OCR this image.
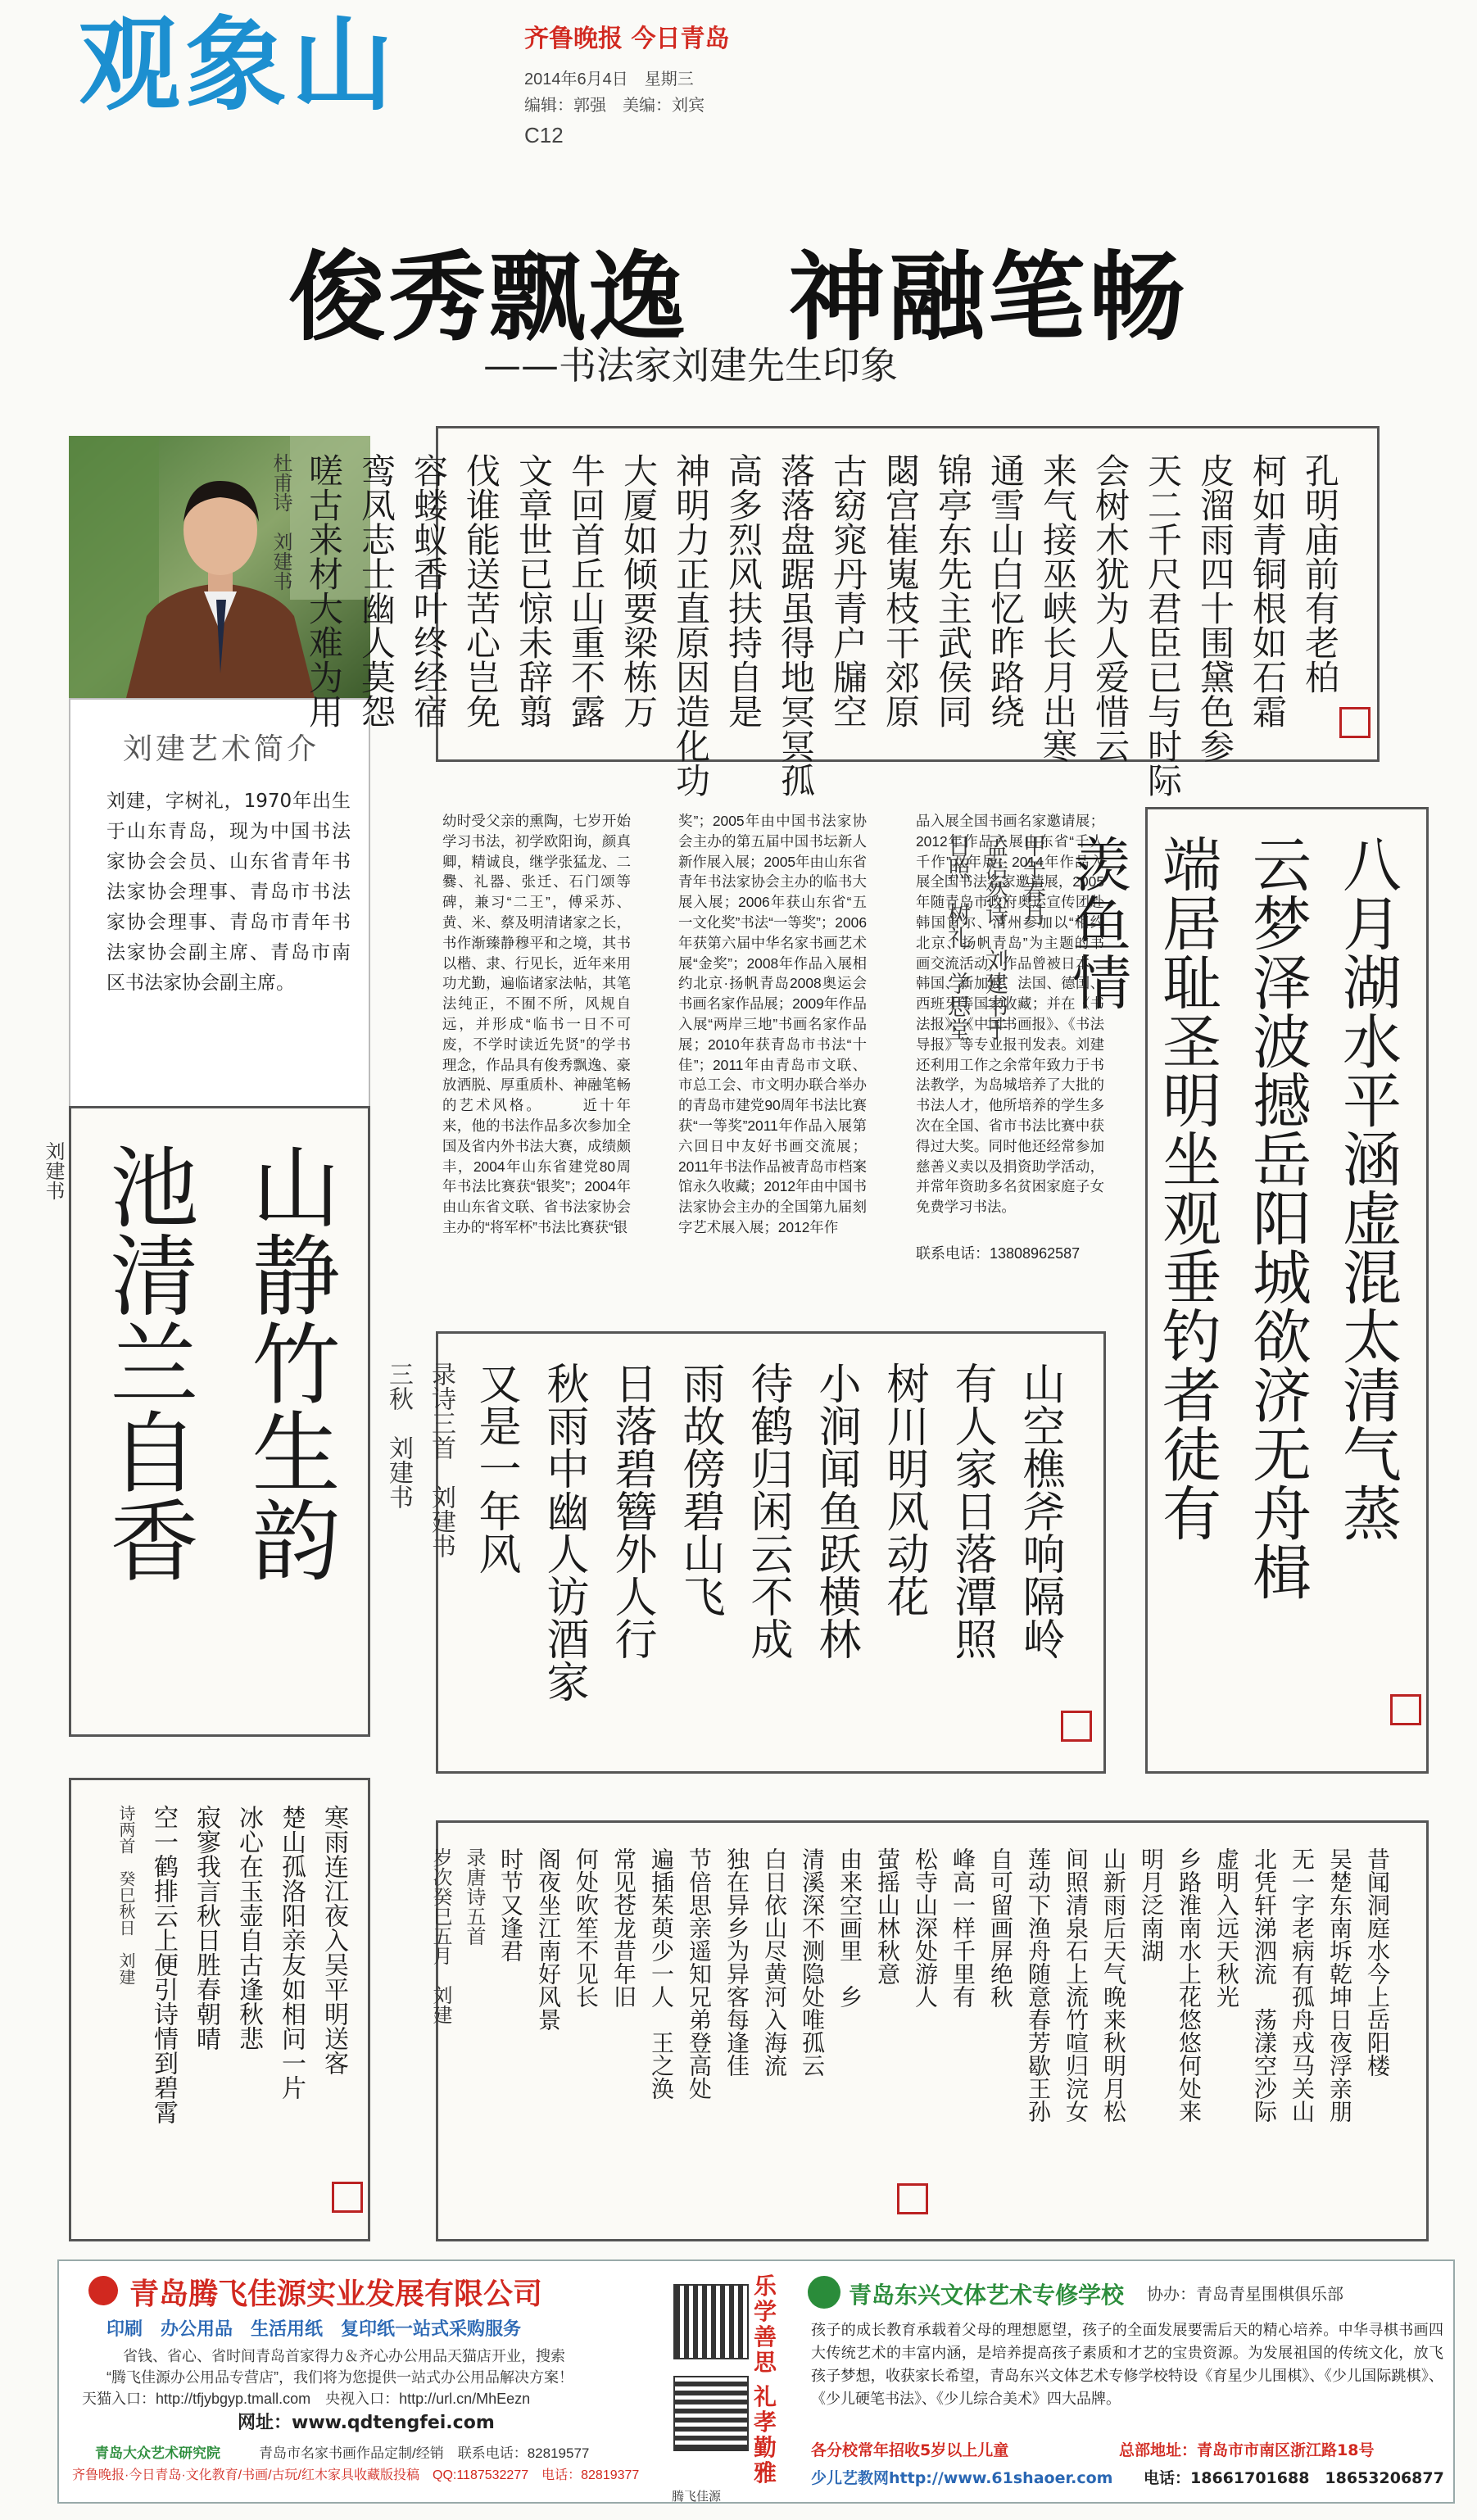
观象山	齐鲁晚报 今日青岛
2014年6月4日　星期三
编辑：郭强　美编：刘宾
C12
俊秀飘逸　神融笔畅
——书法家刘建先生印象
刘建艺术简介
刘建，字树礼，1970年出生于山东青岛，现为中国书法家协会会员、山东省青年书法家协会理事、青岛市书法家协会理事、青岛市青年书法家协会副主席、青岛市南区书法家协会副主席。
孔明庙前有老柏
柯如青铜根如石霜
皮溜雨四十围黛色参
天二千尺君臣已与时际
会树木犹为人爱惜云
来气接巫峡长月出寒
通雪山白忆昨路绕
锦亭东先主武侯同
閟宫崔嵬枝干郊原
古窈窕丹青户牖空
落落盘踞虽得地冥冥孤
高多烈风扶持自是
神明力正直原因造化功
大厦如倾要梁栋万
牛回首丘山重不露
文章世已惊未辞翦
伐谁能送苦心岂免
容蝼蚁香叶终经宿
鸾凤志士幽人莫怨
嗟古来材大难为用
杜甫诗　刘建书
幼时受父亲的熏陶，七岁开始学习书法，初学欧阳询，颜真卿，精诚良，继学张猛龙、二爨、礼器、张迁、石门颂等碑，兼习“二王”，傅采苏、黄、米、蔡及明清诸家之长，书作渐臻静穆平和之境，其书以楷、隶、行见长，近年来用功尤勤，遍临诸家法帖，其笔法纯正，不囿不所，风规自远，并形成“临书一日不可废，不学时读近先贤”的学书理念，作品具有俊秀飘逸、豪放洒脱、厚重质朴、神融笔畅的艺术风格。 　　近十年来，他的书法作品多次参加全国及省内外书法大赛，成绩颇丰，2004年山东省建党80周年书法比赛获“银奖”；2004年由山东省文联、省书法家协会主办的“将军杯”书法比赛获“银
奖”；2005年由中国书法家协会主办的第五届中国书坛新人新作展入展；2005年由山东省青年书法家协会主办的临书大展入展；2006年获山东省“五一文化奖”书法“一等奖”；2006年获第六届中华名家书画艺术展“金奖”；2008年作品入展相约北京·扬帆青岛2008奥运会书画名家作品展；2009年作品入展“两岸三地”书画名家作品展；2010年获青岛市书法“十佳”；2011年由青岛市文联、市总工会、市文明办联合举办的青岛市建党90周年书法比赛获“一等奖”2011年作品入展第六回日中友好书画交流展；2011年书法作品被青岛市档案馆永久收藏；2012年由中国书法家协会主办的全国第九届刻字艺术展入展；2012年作
品入展全国书画名家邀请展；2012年作品入展山东省“千人千作”双年展；2014年作品入展全国书法名家邀请展，2005年随青岛市政府奥运宣传团赴韩国首尔、清州参加以“相约北京、扬帆青岛”为主题的书画交流活动，作品曾被日本、韩国、新加坡、法国、德国、西班牙等国家收藏；并在《书法报》、《中国书画报》、《书法导报》等专业报刊发表。刘建还利用工作之余常年致力于书法教学，为岛城培养了大批的书法人才，他所培养的学生多次在全国、省市书法比赛中获得过大奖。同时他还经常参加慈善义卖以及捐资助学活动，并常年资助多名贫困家庭子女免费学习书法。
联系电话：13808962587	八月湖水平涵虚混太清气蒸
云梦泽波撼岳阳城欲济无舟楫
端居耻圣明坐观垂钓者徒有
羡鱼情
甲午春月
孟浩然诗　刘建书于
日照　树礼　学思堂
山静竹生韵
池清兰自香
刘建书
山空樵斧响隔岭
有人家日落潭照
树川明风动花
小涧闻鱼跃横林
待鹤归闲云不成
雨故傍碧山飞
日落碧簪外人行
秋雨中幽人访酒家
又是一年风
录诗三首　刘建书
三秋　刘建书
寒雨连江夜入吴平明送客
楚山孤洛阳亲友如相问一片
冰心在玉壶自古逢秋悲
寂寥我言秋日胜春朝晴
空一鹤排云上便引诗情到碧霄
诗两首　癸巳秋日　刘建	昔闻洞庭水今上岳阳楼
吴楚东南坼乾坤日夜浮亲朋
无一字老病有孤舟戎马关山
北凭轩涕泗流　荡漾空沙际
虚明入远天秋光
乡路淮南水上花悠悠何处来
明月泛南湖
山新雨后天气晚来秋明月松
间照清泉石上流竹喧归浣女
莲动下渔舟随意春芳歇王孙
自可留画屏绝秋
峰高一样千里有
松寺山深处游人
萤摇山林秋意
由来空画里　乡
清溪深不测隐处唯孤云
白日依山尽黄河入海流
独在异乡为异客每逢佳
节倍思亲遥知兄弟登高处
遍插茱萸少一人　王之涣
常见苍龙昔年旧
何处吹笙不见长
阁夜坐江南好风景
时节又逢君
录唐诗五首
岁次癸巳五月　刘建
青岛腾飞佳源实业发展有限公司
印刷　办公用品　生活用纸　复印纸一站式采购服务
省钱、省心、省时间青岛首家得力＆齐心办公用品天猫店开业，搜索
“腾飞佳源办公用品专营店”，我们将为您提供一站式办公用品解决方案！
天猫入口：http://tfjybgyp.tmall.com　央视入口：http://url.cn/MhEezn
网址：www.qdtengfei.com
青岛大众艺术研究院	青岛市名家书画作品定制/经销　联系电话：82819577
齐鲁晚报·今日青岛·文化教育/书画/古玩/红木家具收藏版投稿　QQ:1187532277　电话：82819377
腾飞佳源
乐学善思
礼孝勤雅
青岛东兴文体艺术专修学校 协办：青岛青星围棋俱乐部
孩子的成长教育承载着父母的理想愿望，孩子的全面发展要需后天的精心培养。中华寻棋书画四大传统艺术的丰富内涵，是培养提高孩子素质和才艺的宝贵资源。为发展祖国的传统文化，放飞孩子梦想，收获家长希望，青岛东兴文体艺术专修学校特设《育星少儿围棋》、《少儿国际跳棋》、《少儿硬笔书法》、《少儿综合美术》四大品牌。
各分校常年招收5岁以上儿童	总部地址：青岛市市南区浙江路18号
少儿艺教网http://www.61shaoer.com 电话：18661701688　18653206877
